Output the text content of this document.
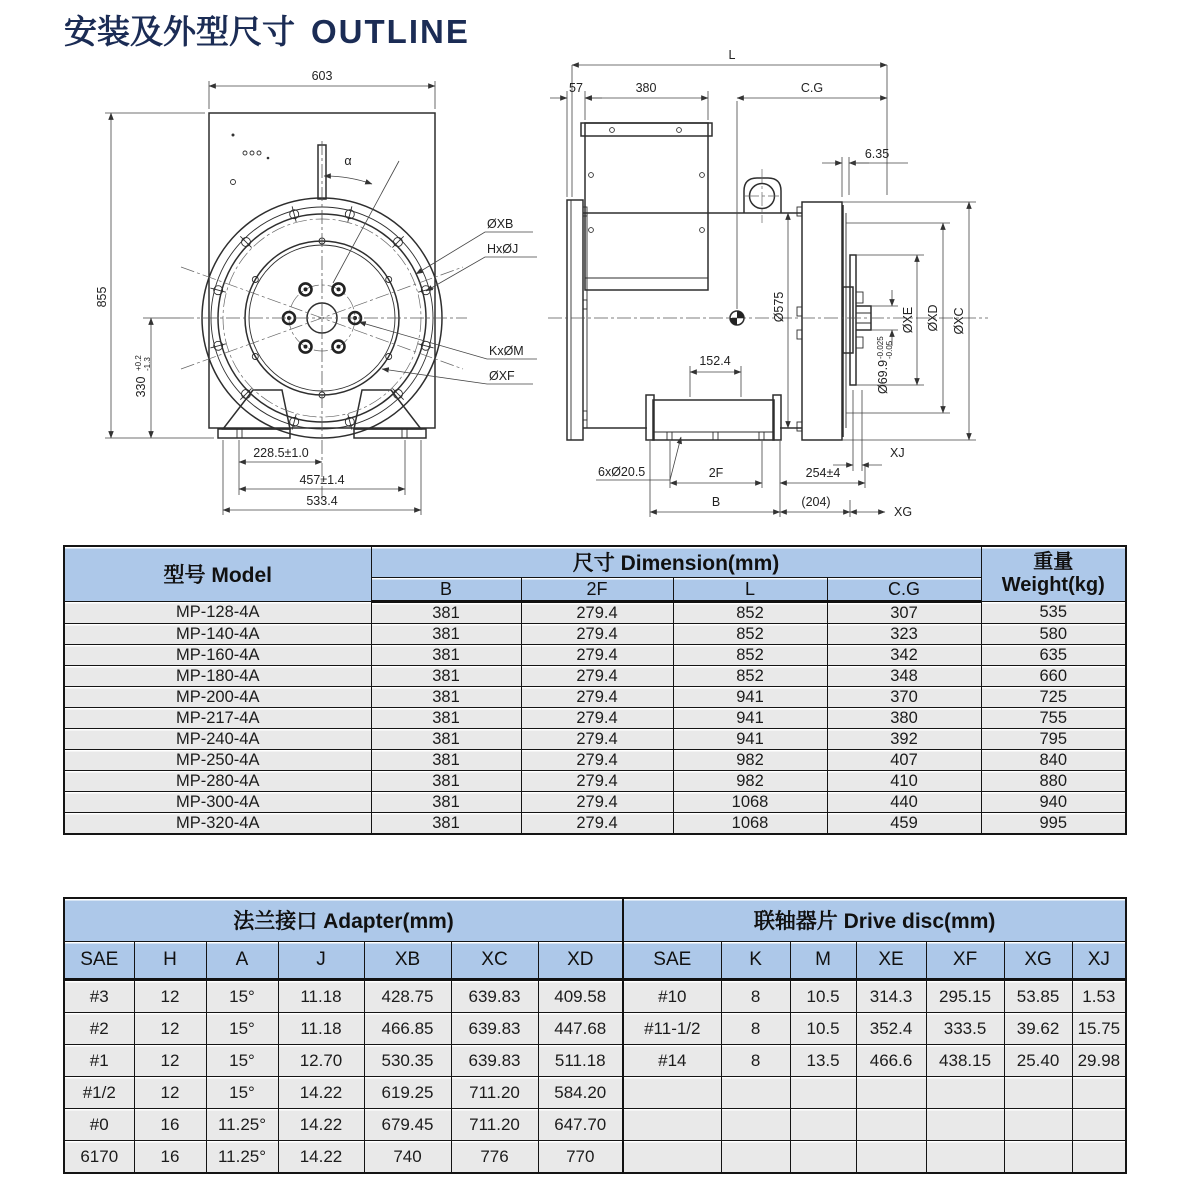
安装及外型尺寸 OUTLINE
α
603
855
330
+0.2 -1.3
228.5±1.0
457±1.4
533.4
ØXB
HxØJ
KxØM
ØXF
L
57	380	C.G
6.35
Ø575	ØXE ØXD ØXC
Ø69.9
-0.025 -0.05
152.4
6xØ20.5	2F	254±4
B	(204)
XG
XJ
型号 Model	尺寸 Dimension(mm)				重量
Weight(kg)

	B	2F	L	C.G	
MP-128-4A	381	279.4	852	307	535
MP-140-4A	381	279.4	852	323	580
MP-160-4A	381	279.4	852	342	635
MP-180-4A	381	279.4	852	348	660
MP-200-4A	381	279.4	941	370	725
MP-217-4A	381	279.4	941	380	755
MP-240-4A	381	279.4	941	392	795
MP-250-4A	381	279.4	982	407	840
MP-280-4A	381	279.4	982	410	880
MP-300-4A	381	279.4	1068	440	940
MP-320-4A	381	279.4	1068	459	995
法兰接口 Adapter(mm)							联轴器片 Drive disc(mm)						
SAE	H	A	J	XB	XC	XD	SAE	K	M	XE	XF	XG	XJ
#3	12	15°	11.18	428.75	639.83	409.58	#10	8	10.5	314.3	295.15	53.85	1.53
#2	12	15°	11.18	466.85	639.83	447.68	#11-1/2	8	10.5	352.4	333.5	39.62	15.75
#1	12	15°	12.70	530.35	639.83	511.18	#14	8	13.5	466.6	438.15	25.40	29.98
#1/2	12	15°	14.22	619.25	711.20	584.20							
#0	16	11.25°	14.22	679.45	711.20	647.70							
6170	16	11.25°	14.22	740	776	770							
